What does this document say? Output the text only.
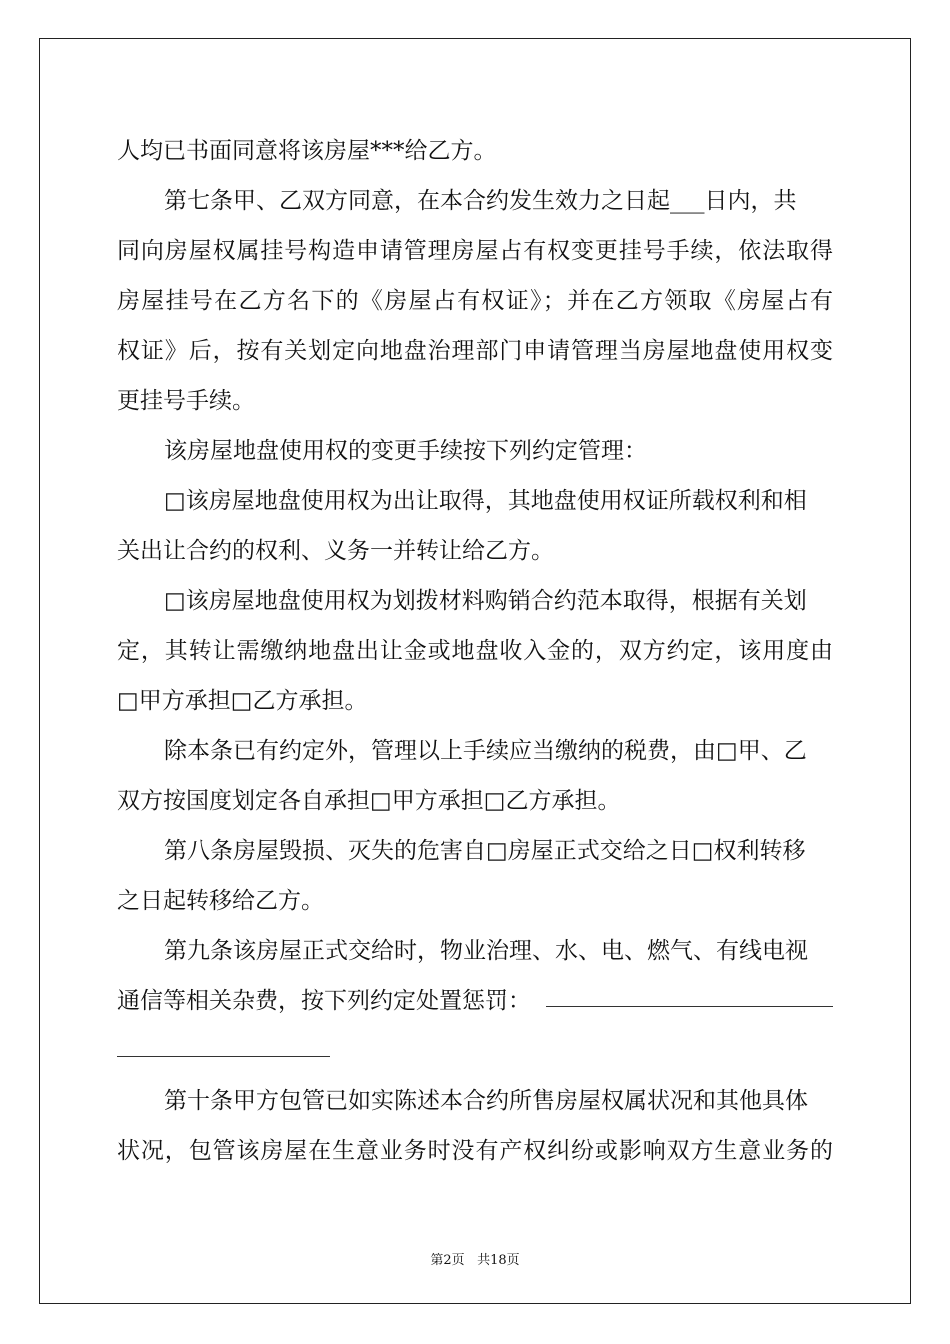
人均已书面同意将该房屋***给乙方。
第七条甲、乙双方同意，在本合约发生效力之日起___日内，共
同向房屋权属挂号构造申请管理房屋占有权变更挂号手续，依法取得
房屋挂号在乙方名下的《房屋占有权证》；并在乙方领取《房屋占有
权证》后，按有关划定向地盘治理部门申请管理当房屋地盘使用权变
更挂号手续。
该房屋地盘使用权的变更手续按下列约定管理：
□该房屋地盘使用权为出让取得，其地盘使用权证所载权利和相
关出让合约的权利、义务一并转让给乙方。
□该房屋地盘使用权为划拨材料购销合约范本取得，根据有关划
定，其转让需缴纳地盘出让金或地盘收入金的，双方约定，该用度由
□甲方承担□乙方承担。
除本条已有约定外，管理以上手续应当缴纳的税费，由□甲、乙
双方按国度划定各自承担□甲方承担□乙方承担。
第八条房屋毁损、灭失的危害自□房屋正式交给之日□权利转移
之日起转移给乙方。
第九条该房屋正式交给时，物业治理、水、电、燃气、有线电视
通信等相关杂费，按下列约定处置惩罚：
第十条甲方包管已如实陈述本合约所售房屋权属状况和其他具体
状况，包管该房屋在生意业务时没有产权纠纷或影响双方生意业务的
第2页 共18页
